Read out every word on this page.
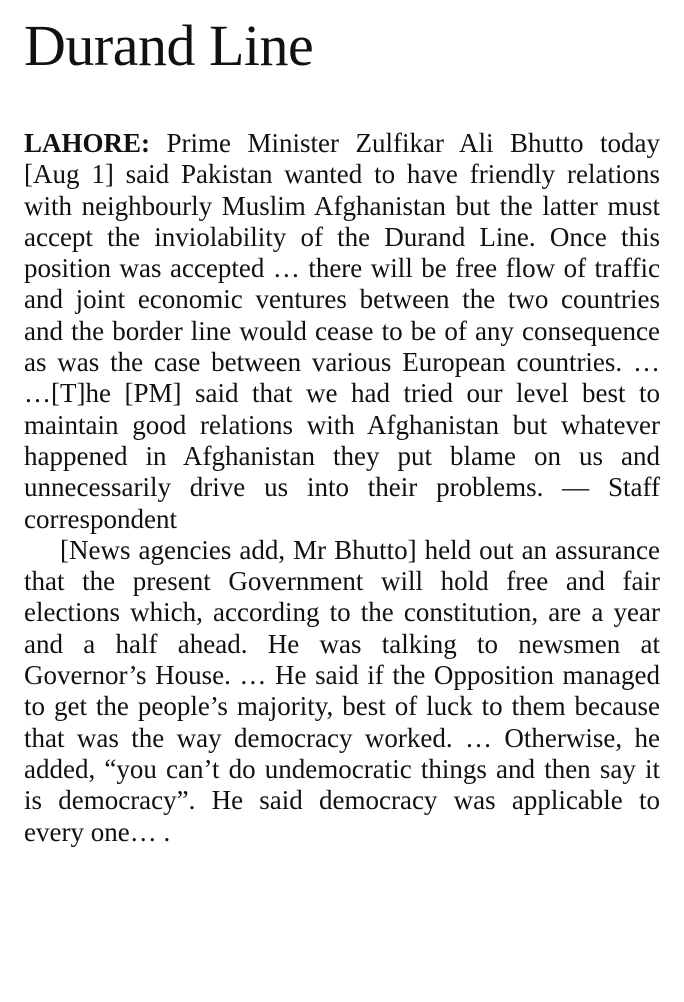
Durand Line

LAHORE: Prime Minister Zulfikar Ali Bhutto today [Aug 1] said Pakistan wanted to have friendly relations with neighbourly Muslim Afghanistan but the latter must accept the inviolability of the Durand Line. Once this position was accepted … there will be free flow of traffic and joint economic ventures between the two countries and the border line would cease to be of any consequence as was the case between various European countries. … …[T]he [PM] said that we had tried our level best to maintain good relations with Afghanistan but whatever happened in Afghanistan they put blame on us and unnecessarily drive us into their problems. — Staff correspondent

[News agencies add, Mr Bhutto] held out an assurance that the present Government will hold free and fair elections which, according to the constitution, are a year and a half ahead. He was talking to newsmen at Governor’s House. … He said if the Opposition managed to get the people’s majority, best of luck to them because that was the way democracy worked. … Otherwise, he added, “you can’t do undemocratic things and then say it is democracy”. He said democracy was applicable to every one… .
